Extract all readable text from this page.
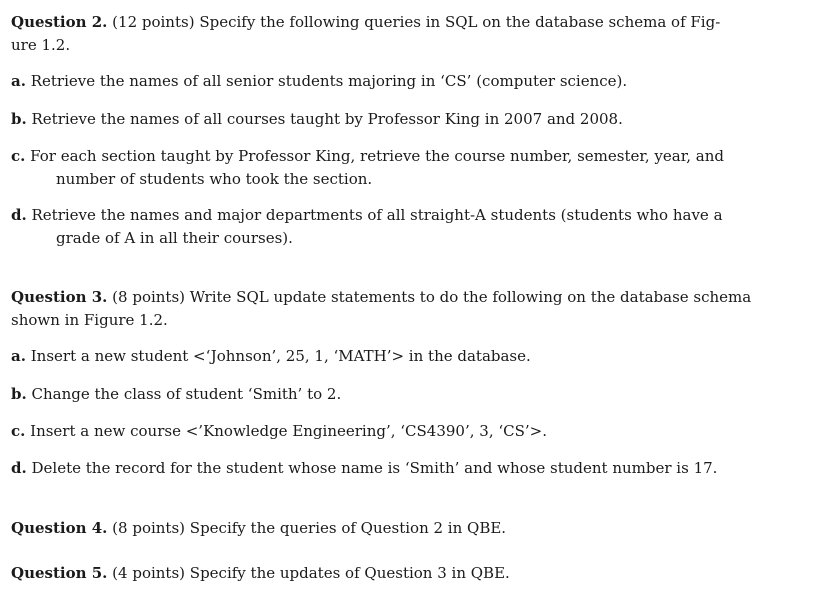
Question 2. (12 points) Specify the following queries in SQL on the database schema of Fig-
ure 1.2.
a. Retrieve the names of all senior students majoring in ‘CS’ (computer science).
b. Retrieve the names of all courses taught by Professor King in 2007 and 2008.
c. For each section taught by Professor King, retrieve the course number, semester, year, and
number of students who took the section.
d. Retrieve the names and major departments of all straight-A students (students who have a
grade of A in all their courses).
Question 3. (8 points) Write SQL update statements to do the following on the database schema
shown in Figure 1.2.
a. Insert a new student <‘Johnson’, 25, 1, ‘MATH’> in the database.
b. Change the class of student ‘Smith’ to 2.
c. Insert a new course <’Knowledge Engineering’, ‘CS4390’, 3, ‘CS’>.
d. Delete the record for the student whose name is ‘Smith’ and whose student number is 17.
Question 4. (8 points) Specify the queries of Question 2 in QBE.
Question 5. (4 points) Specify the updates of Question 3 in QBE.
